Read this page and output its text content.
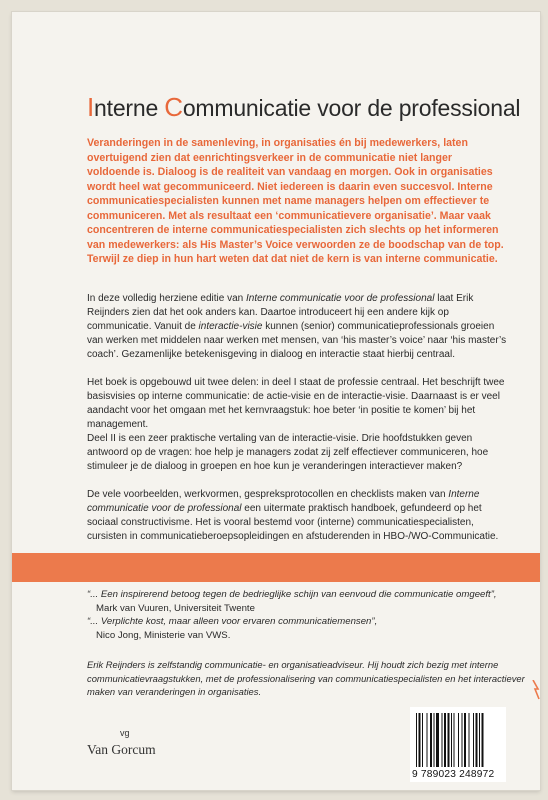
Interne Communicatie voor de professional

Veranderingen in de samenleving, in organisaties én bij medewerkers, laten overtuigend zien dat eenrichtingsverkeer in de communicatie niet langer voldoende is. Dialoog is de realiteit van vandaag en morgen. Ook in organisaties wordt heel wat gecommuniceerd. Niet iedereen is daarin even succesvol. Interne communicatiespecialisten kunnen met name managers helpen om effectiever te communiceren. Met als resultaat een ‘communicatievere organisatie’. Maar vaak concentreren de interne communicatiespecialisten zich slechts op het informeren van medewerkers: als His Master’s Voice verwoorden ze de boodschap van de top. Terwijl ze diep in hun hart weten dat dat niet de kern is van interne communicatie.

In deze volledig herziene editie van Interne communicatie voor de professional laat Erik Reijnders zien dat het ook anders kan. Daartoe introduceert hij een andere kijk op communicatie. Vanuit de interactie-visie kunnen (senior) communicatieprofessionals groeien van werken met middelen naar werken met mensen, van ‘his master’s voice’ naar ‘his master’s coach’. Gezamenlijke betekenisgeving in dialoog en interactie staat hierbij centraal.

Het boek is opgebouwd uit twee delen: in deel I staat de professie centraal. Het beschrijft twee basisvisies op interne communicatie: de actie-visie en de interactie-visie. Daarnaast is er veel aandacht voor het omgaan met het kernvraagstuk: hoe beter ‘in positie te komen’ bij het management.

Deel II is een zeer praktische vertaling van de interactie-visie. Drie hoofdstukken geven antwoord op de vragen: hoe help je managers zodat zij zelf effectiever communiceren, hoe stimuleer je de dialoog in groepen en hoe kun je veranderingen interactiever maken?

De vele voorbeelden, werkvormen, gespreksprotocollen en checklists maken van Interne communicatie voor de professional een uitermate praktisch handboek, gefundeerd op het sociaal constructivisme. Het is vooral bestemd voor (interne) communicatiespecialisten, cursisten in communicatieberoepsopleidingen en afstuderenden in HBO-/WO-Communicatie.

“... Een inspirerend betoog tegen de bedrieglijke schijn van eenvoud die communicatie omgeeft”,
Mark van Vuuren, Universiteit Twente
“... Verplichte kost, maar alleen voor ervaren communicatiemensen”,
Nico Jong, Ministerie van VWS.

Erik Reijnders is zelfstandig communicatie- en organisatieadviseur. Hij houdt zich bezig met interne communicatievraagstukken, met de professionalisering van communicatiespecialisten en het interactiever maken van veranderingen in organisaties.

vg
Van Gorcum
9 789023 248972
